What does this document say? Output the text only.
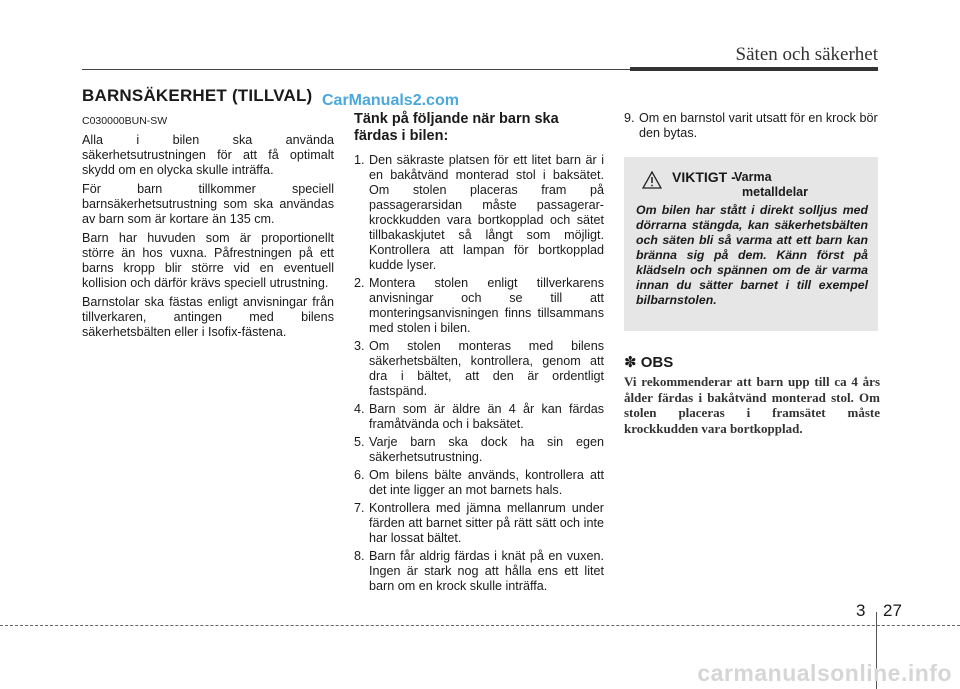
Säten och säkerhet
BARNSÄKERHET (TILLVAL) CarManuals2.com
C030000BUN-SW

Alla i bilen ska använda säkerhetsutrustningen för att få optimalt skydd om en olycka skulle inträffa.

För barn tillkommer speciell barnsäkerhetsutrustning som ska användas av barn som är kortare än 135 cm.

Barn har huvuden som är proportionellt större än hos vuxna. Påfrestningen på ett barns kropp blir större vid en eventuell kollision och därför krävs speciell utrustning.

Barnstolar ska fästas enligt anvisningar från tillverkaren, antingen med bilens säkerhetsbälten eller i Isofix-fästena.

Tänk på följande när barn ska färdas i bilen:
1. Den säkraste platsen för ett litet barn är i en bakåtvänd monterad stol i baksätet. Om stolen placeras fram på passagerarsidan måste passagerar-krockkudden vara bortkopplad och sätet tillbakaskjutet så långt som möjligt. Kontrollera att lampan för bortkopplad kudde lyser.
2. Montera stolen enligt tillverkarens anvisningar och se till att monteringsanvisningen finns tillsammans med stolen i bilen.
3. Om stolen monteras med bilens säkerhetsbälten, kontrollera, genom att dra i bältet, att den är ordentligt fastspänd.
4. Barn som är äldre än 4 år kan färdas framåtvända och i baksätet.
5. Varje barn ska dock ha sin egen säkerhetsutrustning.
6. Om bilens bälte används, kontrollera att det inte ligger an mot barnets hals.
7. Kontrollera med jämna mellanrum under färden att barnet sitter på rätt sätt och inte har lossat bältet.
8. Barn får aldrig färdas i knät på en vuxen. Ingen är stark nog att hålla ens ett litet barn om en krock skulle inträffa.
9. Om en barnstol varit utsatt för en krock bör den bytas.
VIKTIGT -
Varma
metalldelar
Om bilen har stått i direkt solljus med dörrarna stängda, kan säkerhetsbälten och säten bli så varma att ett barn kan bränna sig på dem. Känn först på klädseln och spännen om de är varma innan du sätter barnet i till exempel bilbarnstolen.
✽ OBS
Vi rekommenderar att barn upp till ca 4 års ålder färdas i bakåtvänd monterad stol. Om stolen placeras i framsätet måste krockkudden vara bortkopplad.
3 27
carmanualsonline.info
